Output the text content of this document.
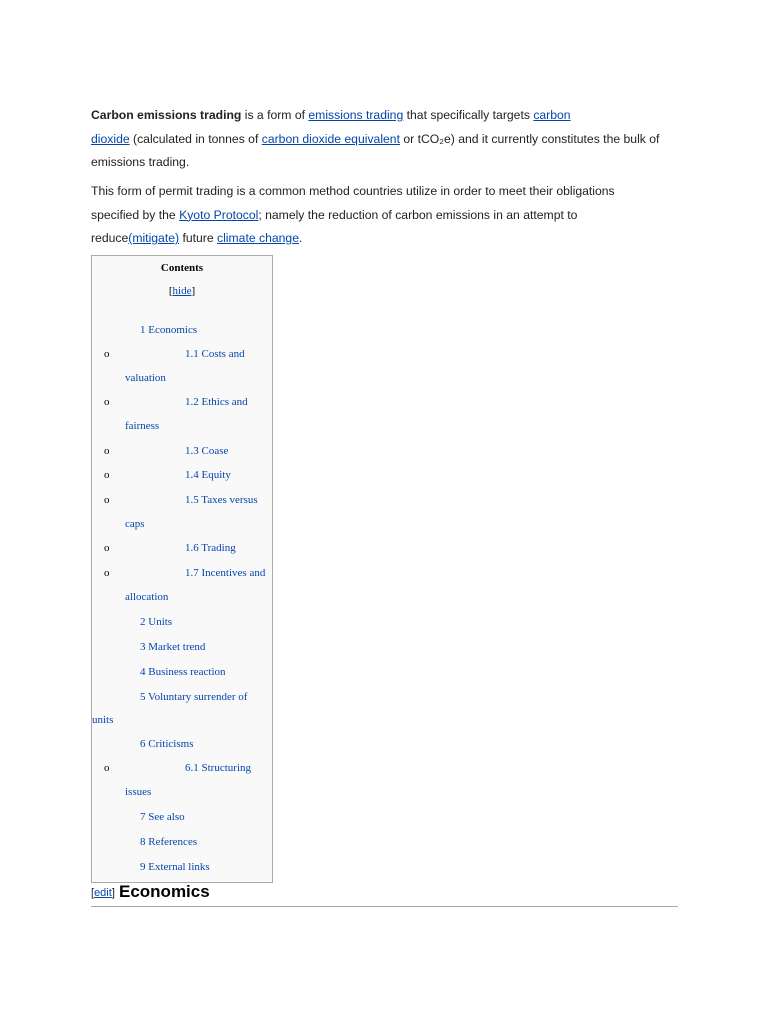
Carbon emissions trading is a form of emissions trading that specifically targets carbon
dioxide (calculated in tonnes of carbon dioxide equivalent or tCO₂e) and it currently constitutes the bulk of
emissions trading.
This form of permit trading is a common method countries utilize in order to meet their obligations
specified by the Kyoto Protocol; namely the reduction of carbon emissions in an attempt to
reduce(mitigate) future climate change.
Contents
[hide]
1 Economics
o	1.1 Costs and
valuation
o	1.2 Ethics and
fairness
o	1.3 Coase
o	1.4 Equity
o	1.5 Taxes versus
caps
o	1.6 Trading
o	1.7 Incentives and
allocation
2 Units
3 Market trend
4 Business reaction
5 Voluntary surrender of
units
6 Criticisms
o	6.1 Structuring
issues
7 See also
8 References
9 External links
[edit] Economics
